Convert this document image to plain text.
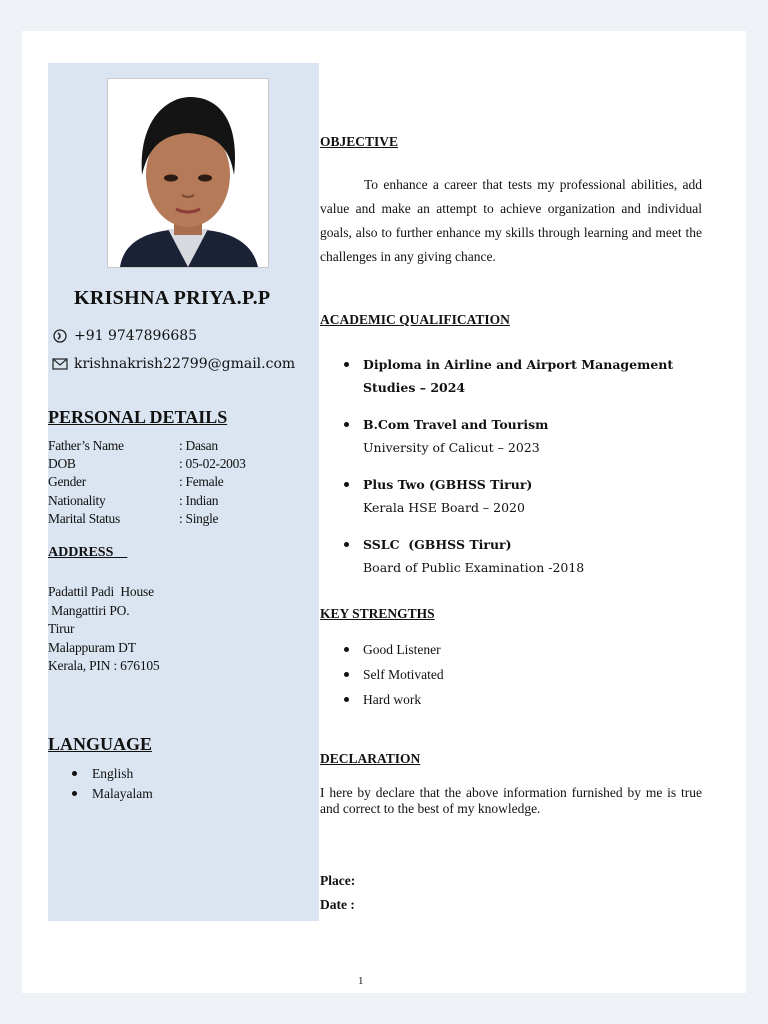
KRISHNA PRIYA.P.P
+91 9747896685
krishnakrish22799@gmail.com
PERSONAL DETAILS
Father’s Name	: Dasan
DOB	: 05-02-2003
Gender	: Female
Nationality	: Indian
Marital Status	: Single
ADDRESS
Padattil Padi  House
Mangattiri PO.
Tirur
Malappuram DT
Kerala, PIN : 676105
LANGUAGE
English
Malayalam
OBJECTIVE

To enhance a career that tests my professional abilities, add value and make an attempt to achieve organization and individual goals, also to further enhance my skills through learning and meet the challenges in any giving chance.

ACADEMIC QUALIFICATION
Diploma in Airline and Airport Management Studies – 2024
B.Com Travel and Tourism
University of Calicut – 2023
Plus Two (GBHSS Tirur)
Kerala HSE Board – 2020
SSLC  (GBHSS Tirur)
Board of Public Examination -2018
KEY STRENGTHS
Good Listener
Self Motivated
Hard work
DECLARATION

I here by declare that the above information furnished by me is true and correct to the best of my knowledge.

Place:
Date :
1
